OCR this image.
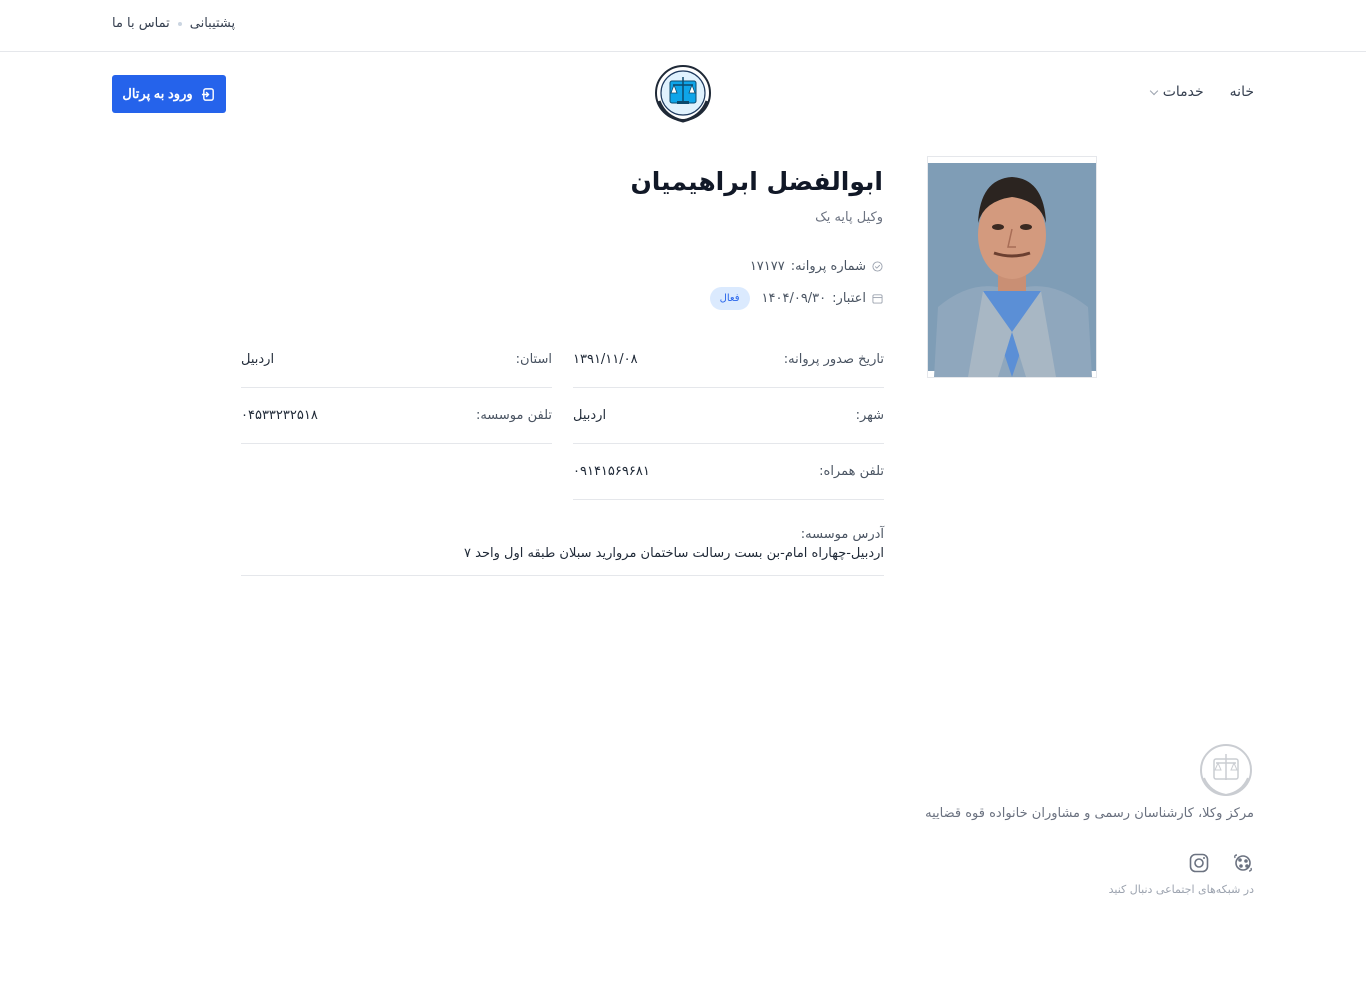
پشتیبانی
تماس با ما
خانه
خدمات
ورود به پرتال
ابوالفضل ابراهیمیان
وکیل پایه یک
شماره پروانه:
۱۷۱۷۷
اعتبار:
۱۴۰۴/۰۹/۳۰
فعال
تاریخ صدور پروانه:
۱۳۹۱/۱۱/۰۸
استان:
اردبیل
شهر:
اردبیل
تلفن موسسه:
۰۴۵۳۳۲۳۲۵۱۸
تلفن همراه:
۰۹۱۴۱۵۶۹۶۸۱
آدرس موسسه:
اردبیل-چهاراه امام-بن بست رسالت ساختمان مرواريد سبلان طبقه اول واحد ۷
مرکز وکلا، کارشناسان رسمی و مشاوران خانواده قوه قضاییه
در شبکه‌های اجتماعی دنبال کنید
